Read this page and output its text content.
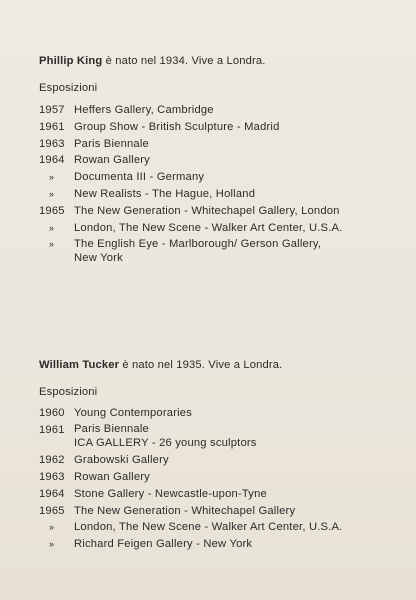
Phillip King è nato nel 1934. Vive a Londra.

Esposizioni

1957 Heffers Gallery, Cambridge
1961 Group Show - British Sculpture - Madrid
1963 Paris Biennale
1964 Rowan Gallery
»	Documenta III - Germany
»	New Realists - The Hague, Holland
1965 The New Generation - Whitechapel Gallery, London
»	London, The New Scene - Walker Art Center, U.S.A.
»	The English Eye - Marlborough/ Gerson Gallery,
New York

William Tucker è nato nel 1935. Vive a Londra.

Esposizioni

1960 Young Contemporaries
1961 Paris Biennale
ICA GALLERY - 26 young sculptors
1962 Grabowski Gallery
1963 Rowan Gallery
1964 Stone Gallery - Newcastle-upon-Tyne
1965 The New Generation - Whitechapel Gallery
»	London, The New Scene - Walker Art Center, U.S.A.
»	Richard Feigen Gallery - New York
